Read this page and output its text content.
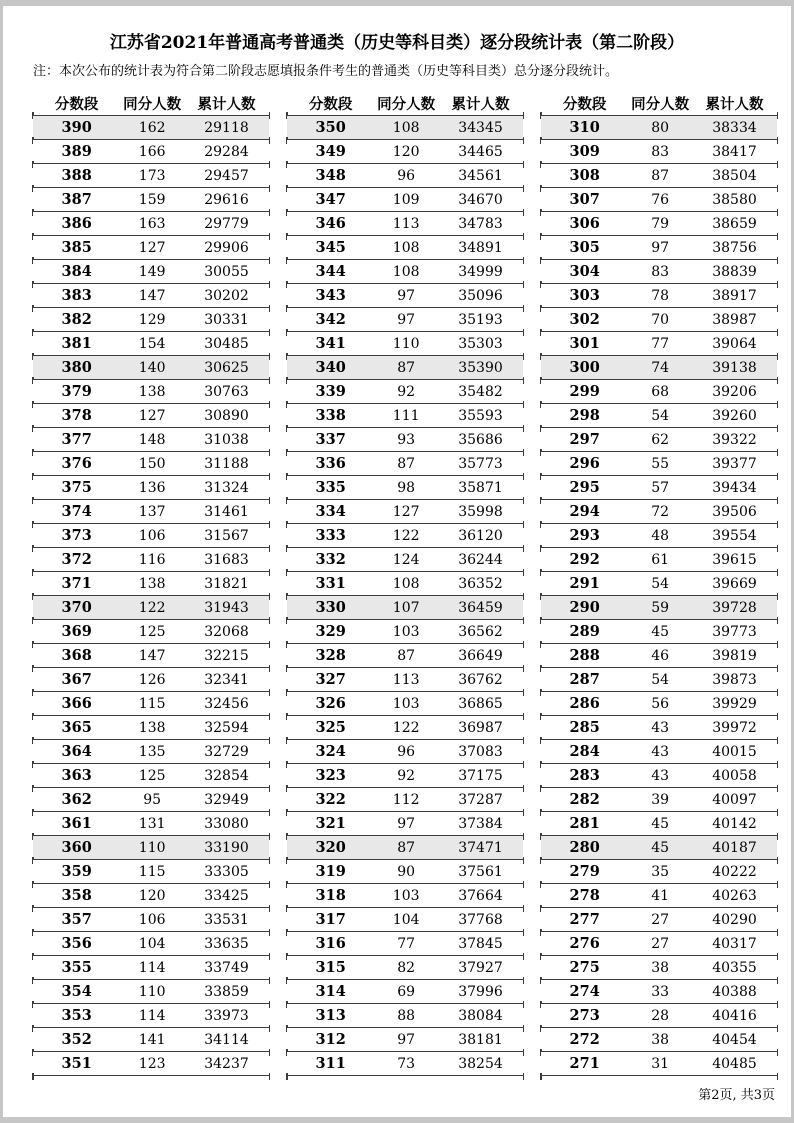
江苏省2021年普通高考普通类（历史等科目类）逐分段统计表（第二阶段）
注：本次公布的统计表为符合第二阶段志愿填报条件考生的普通类（历史等科目类）总分逐分段统计。
分数段	同分人数	累计人数
390	162	29118
389	166	29284
388	173	29457
387	159	29616
386	163	29779
385	127	29906
384	149	30055
383	147	30202
382	129	30331
381	154	30485
380	140	30625
379	138	30763
378	127	30890
377	148	31038
376	150	31188
375	136	31324
374	137	31461
373	106	31567
372	116	31683
371	138	31821
370	122	31943
369	125	32068
368	147	32215
367	126	32341
366	115	32456
365	138	32594
364	135	32729
363	125	32854
362	95	32949
361	131	33080
360	110	33190
359	115	33305
358	120	33425
357	106	33531
356	104	33635
355	114	33749
354	110	33859
353	114	33973
352	141	34114
351	123	34237
分数段	同分人数	累计人数
350	108	34345
349	120	34465
348	96	34561
347	109	34670
346	113	34783
345	108	34891
344	108	34999
343	97	35096
342	97	35193
341	110	35303
340	87	35390
339	92	35482
338	111	35593
337	93	35686
336	87	35773
335	98	35871
334	127	35998
333	122	36120
332	124	36244
331	108	36352
330	107	36459
329	103	36562
328	87	36649
327	113	36762
326	103	36865
325	122	36987
324	96	37083
323	92	37175
322	112	37287
321	97	37384
320	87	37471
319	90	37561
318	103	37664
317	104	37768
316	77	37845
315	82	37927
314	69	37996
313	88	38084
312	97	38181
311	73	38254
分数段	同分人数	累计人数
310	80	38334
309	83	38417
308	87	38504
307	76	38580
306	79	38659
305	97	38756
304	83	38839
303	78	38917
302	70	38987
301	77	39064
300	74	39138
299	68	39206
298	54	39260
297	62	39322
296	55	39377
295	57	39434
294	72	39506
293	48	39554
292	61	39615
291	54	39669
290	59	39728
289	45	39773
288	46	39819
287	54	39873
286	56	39929
285	43	39972
284	43	40015
283	43	40058
282	39	40097
281	45	40142
280	45	40187
279	35	40222
278	41	40263
277	27	40290
276	27	40317
275	38	40355
274	33	40388
273	28	40416
272	38	40454
271	31	40485
第2页, 共3页
